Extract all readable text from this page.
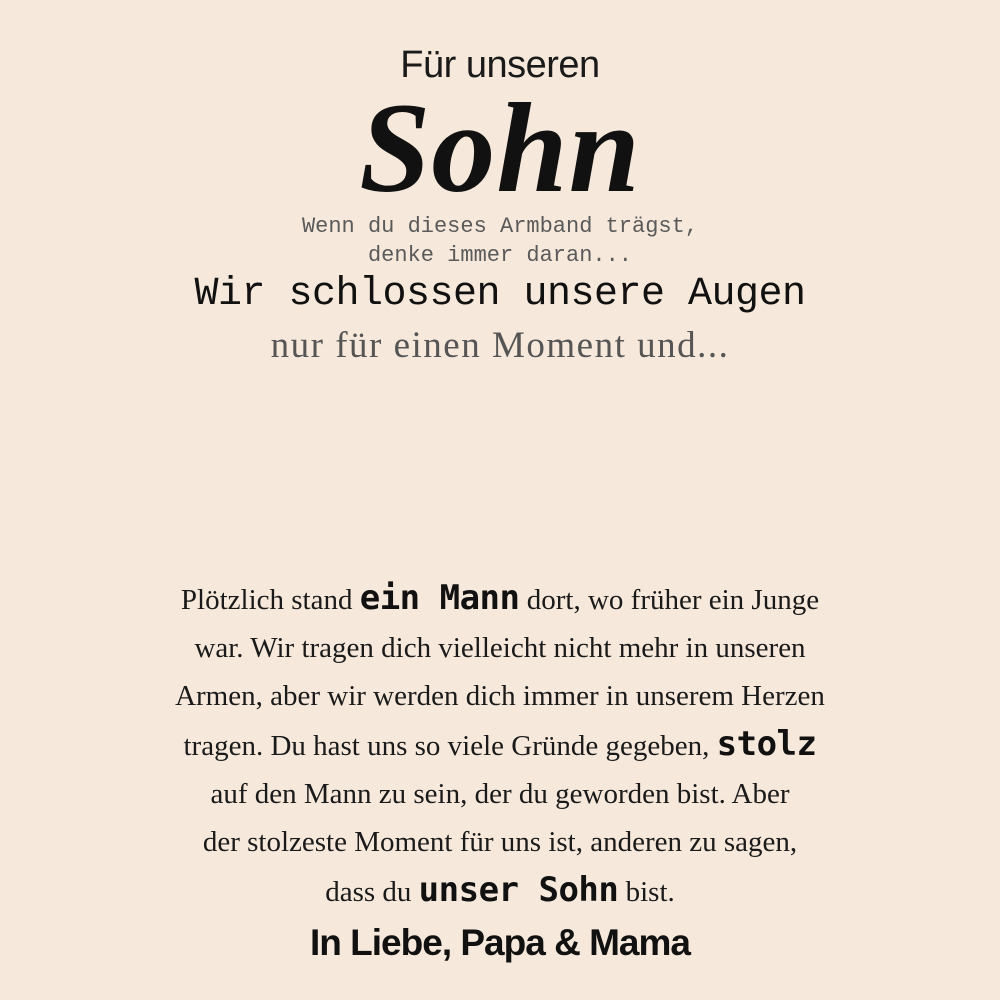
Für unseren
Sohn
Wenn du dieses Armband trägst,
denke immer daran...
Wir schlossen unsere Augen
nur für einen Moment und...
Plötzlich stand ein Mann dort, wo früher ein Junge
war. Wir tragen dich vielleicht nicht mehr in unseren
Armen, aber wir werden dich immer in unserem Herzen
tragen. Du hast uns so viele Gründe gegeben, stolz
auf den Mann zu sein, der du geworden bist. Aber
der stolzeste Moment für uns ist, anderen zu sagen,
dass du unser Sohn bist.
In Liebe, Papa & Mama
